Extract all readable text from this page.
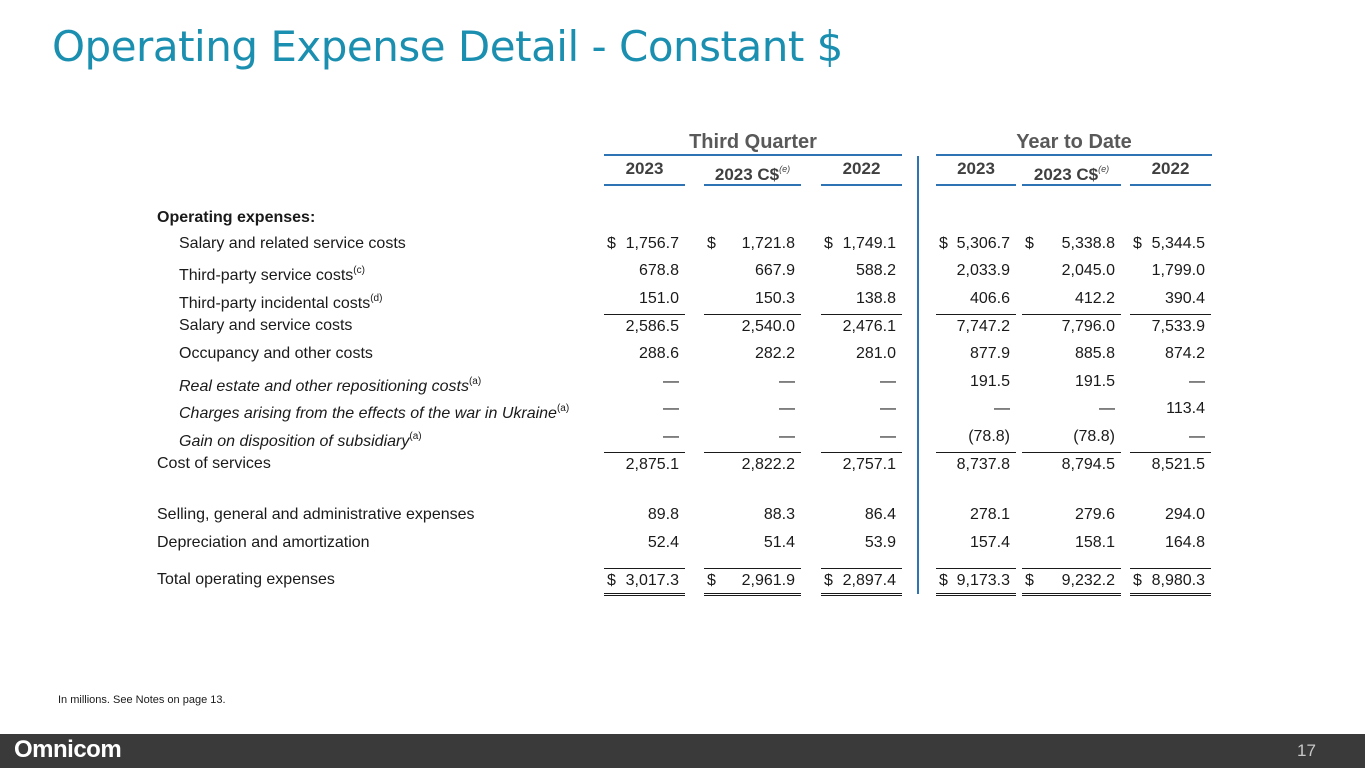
Operating Expense Detail - Constant $
Third Quarter	Year to Date
2023	2023 C\$$^{(e)}$	2022	2023	2023 C\$$^{(e)}$	2022
Operating expenses:
Salary and related service costs	$ 1,756.7 $ 1,721.8 $ 1,749.1	$ 5,306.7 $ 5,338.8 $ 5,344.5
Third-party service costs$^{(c)}$	678.8	667.9	588.2	2,033.9	2,045.0 1,799.0
Third-party incidental costs$^{(d)}$	151.0	150.3	138.8	406.6	412.2	390.4
Salary and service costs	2,586.5	2,540.0	2,476.1	7,747.2	7,796.0 7,533.9
Occupancy and other costs	288.6	282.2	281.0	877.9	885.8	874.2
Real estate and other repositioning costs$^{(a)}$	—	—	—	191.5	191.5	—
Charges arising from the effects of the war in Ukraine$^{(a)}$	—	—	—	—	—	113.4
Gain on disposition of subsidiary$^{(a)}$	—	—	—	(78.8)	(78.8)	—
Cost of services	2,875.1	2,822.2	2,757.1	8,737.8	8,794.5 8,521.5
Selling, general and administrative expenses	89.8	88.3	86.4	278.1	279.6	294.0
Depreciation and amortization	52.4	51.4	53.9	157.4	158.1	164.8
Total operating expenses	$ 3,017.3 $ 2,961.9 $ 2,897.4	$ 9,173.3 $ 9,232.2 $ 8,980.3
In millions. See Notes on page 13.
Omnicom	17
